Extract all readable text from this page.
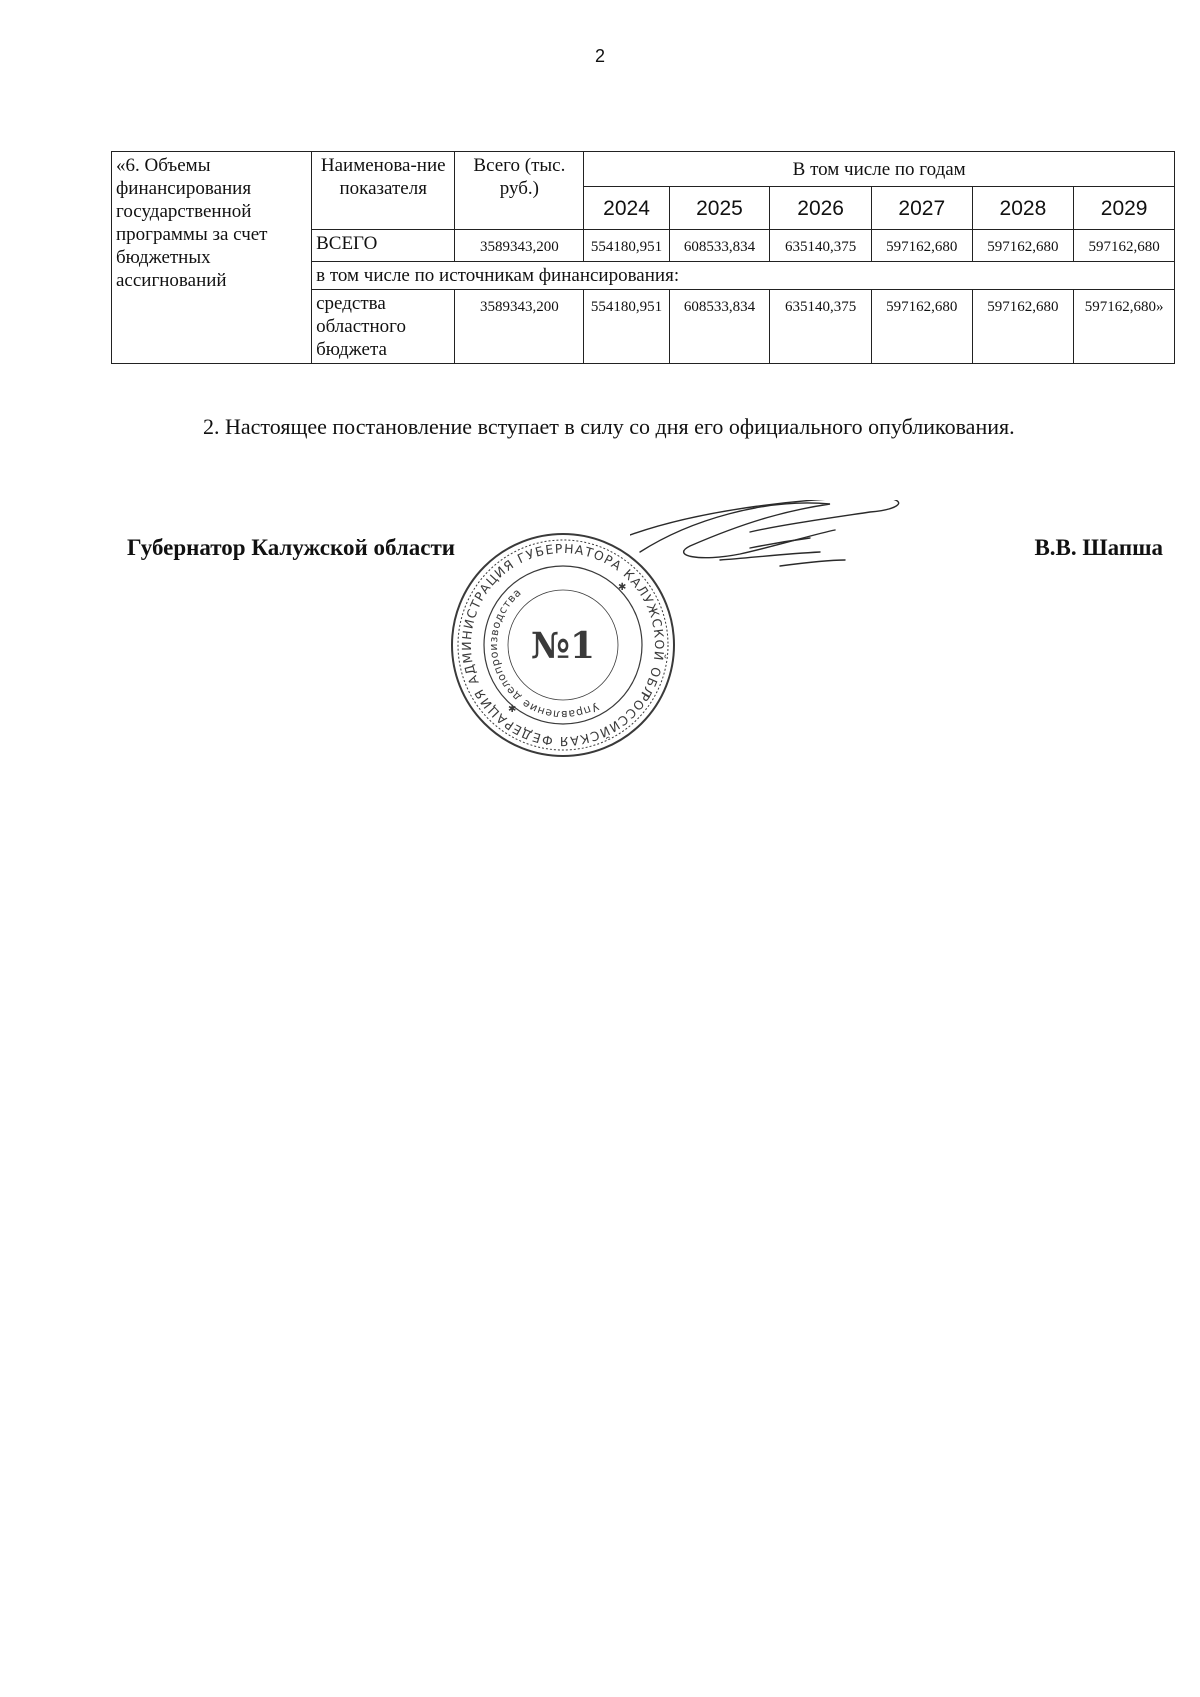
2
«6. Объемы финансирования государственной программы за счет бюджетных ассигнований	Наименова-ние показателя	Всего (тыс. руб.)	В том числе по годам					
			2024	2025	2026	2027	2028	2029
	ВСЕГО	3589343,200	554180,951	608533,834	635140,375	597162,680	597162,680	597162,680
	в том числе по источникам финансирования:							
	средства областного бюджета	3589343,200	554180,951	608533,834	635140,375	597162,680	597162,680	597162,680»
2. Настоящее постановление вступает в силу со дня его официального опубликования.
Губернатор Калужской области	В.В. Шапша
РОССИЙСКАЯ ФЕДЕРАЦИЯ АДМИНИСТРАЦИЯ ГУБЕРНАТОРА КАЛУЖСКОЙ ОБЛАСТИ
Управление делопроизводства
№1
✱
✱
